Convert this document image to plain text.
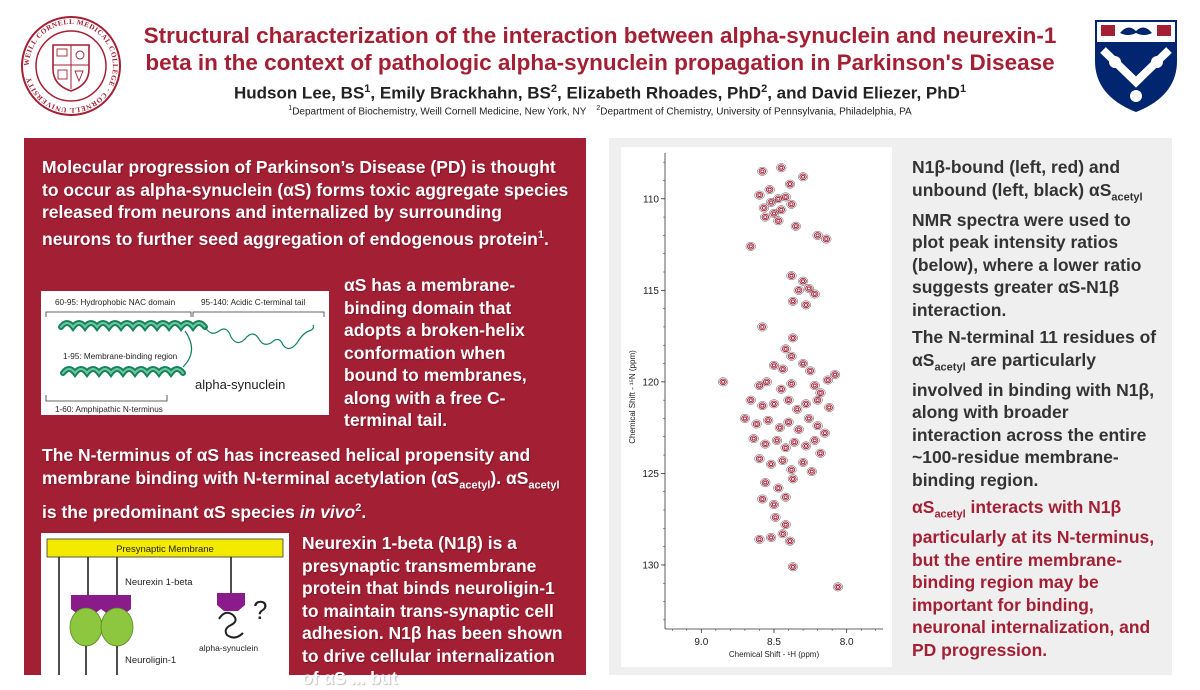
WEILL CORNELL MEDICAL COLLEGE · CORNELL UNIVERSITY
Structural characterization of the interaction between alpha-synuclein and neurexin-1 beta in the context of pathologic alpha-synuclein propagation in Parkinson's Disease
Hudson Lee, $BS^1$, Emily Brackhahn, $BS^2$, Elizabeth Rhoades, PhD$^2$, and David Eliezer, PhD$^1$
$^1$Department of Biochemistry, Weill Cornell Medicine, New York, NY $^2$Department of Chemistry, University of Pennsylvania, Philadelphia, PA

Molecular progression of Parkinson’s Disease (PD) is thought to occur as alpha-synuclein (αS) forms toxic aggregate species released from neurons and internalized by surrounding neurons to further seed aggregation of endogenous protein$^1$.

60-95: Hydrophobic NAC domain	95-140: Acidic C-terminal tail
1-95: Membrane-binding region
alpha-synuclein
1-60: Amphipathic N-terminus

αS has a membrane-binding domain that adopts a broken-helix conformation when bound to membranes, along with a free C-terminal tail.

The N-terminus of αS has increased helical propensity and membrane binding with N-terminal acetylation $(\alpha S_{acetyl})$. $\alpha S_{acetyl}$ is the predominant αS species in vivo$^2$.

Presynaptic Membrane
Neurexin 1-beta
Neuroligin-1
?
alpha-synuclein

Neurexin 1-beta (N1β) is a presynaptic transmembrane protein that binds neuroligin-1 to maintain trans-synaptic cell adhesion. N1β has been shown to drive cellular internalization of αS ... but

9.0	8.5	8.0
110
115
120
125
130
Chemical Shift - ¹H (ppm)
Chemical Shift - ¹⁵N (ppm)

N1β-bound (left, red) and unbound (left, black) $\alpha S_{acetyl}$ NMR spectra were used to plot peak intensity ratios (below), where a lower ratio suggests greater αS-N1β interaction.

The N-terminal 11 residues of $\alpha S_{acetyl}$ are particularly involved in binding with N1β, along with broader interaction across the entire ~100-residue membrane-binding region.

$\alpha S_{acetyl}$ interacts with N1β particularly at its N-terminus, but the entire membrane-binding region may be important for binding, neuronal internalization, and PD progression.
